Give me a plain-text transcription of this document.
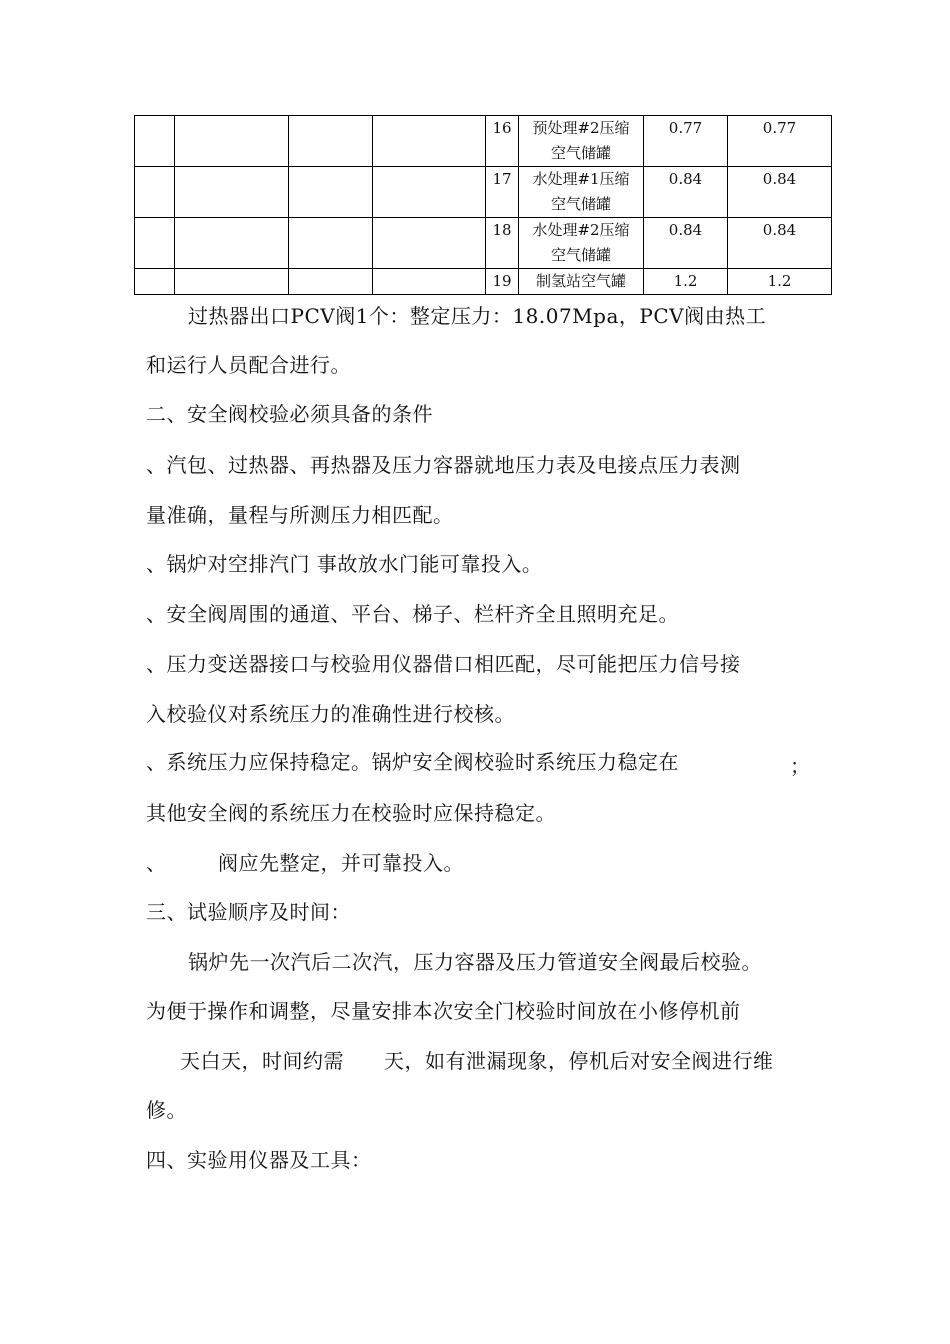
				16	预处理#2压缩空气储罐	0.77	0.77
				17	水处理#1压缩空气储罐	0.84	0.84
				18	水处理#2压缩空气储罐	0.84	0.84
				19	制氢站空气罐	1.2	1.2
过热器出口PCV阀1个：整定压力：18.07Mpa，PCV阀由热工
和运行人员配合进行。
二、安全阀校验必须具备的条件
、汽包、过热器、再热器及压力容器就地压力表及电接点压力表测
量准确，量程与所测压力相匹配。
、锅炉对空排汽门 事故放水门能可靠投入。
、安全阀周围的通道、平台、梯子、栏杆齐全且照明充足。
、压力变送器接口与校验用仪器借口相匹配，尽可能把压力信号接
入校验仪对系统压力的准确性进行校核。
、系统压力应保持稳定。锅炉安全阀校验时系统压力稳定在	；
其他安全阀的系统压力在校验时应保持稳定。
、	阀应先整定，并可靠投入。
三、试验顺序及时间：
锅炉先一次汽后二次汽，压力容器及压力管道安全阀最后校验。
为便于操作和调整，尽量安排本次安全门校验时间放在小修停机前
天白天，时间约需	天，如有泄漏现象，停机后对安全阀进行维
修。
四、实验用仪器及工具：
